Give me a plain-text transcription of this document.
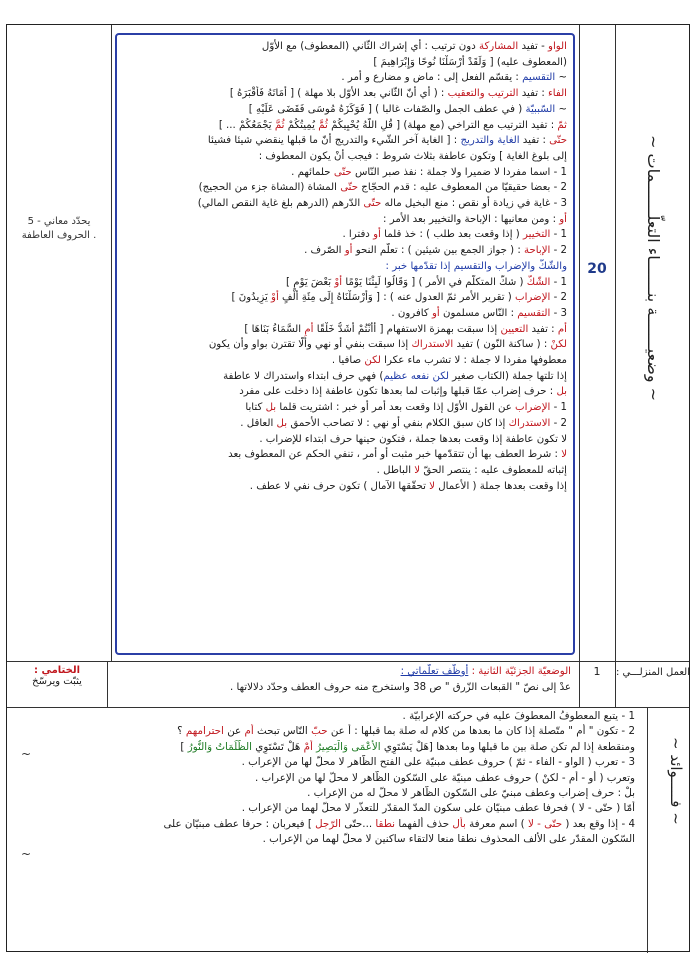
~ وضعيـــــــة بنـــــــاء التعلّـــــــمات ~
20
5 - يحدّد معاني الحروف العاطفة .
الواو - تفيد المشاركة دون ترتيب : أي إشراك الثّاني (المعطوف) مع الأوّل
(المعطوف عليه) [ وَلَقَدْ أَرْسَلْنَا نُوحًا وَإِبْرَاهِيمَ ]
~ التقسيم : يقسّم الفعل إلى : ماض و مضارع و أمر .
الفاء : تفيد الترتيب والتعقيب : ( أي أنّ الثّاني بعد الأوّل بلا مهلة ) [ أَمَاتَهُ فَأَقْبَرَهُ ]
~ السّببيّة ( في عطف الجمل والصّفات غالبا ) [ فَوَكَزَهُ مُوسَى فَقَضَى عَلَيْهِ ]
ثمّ : تفيد الترتيب مع التراخي (مع مهلة) [ قُلِ اللَّهُ يُحْيِيكُمْ ثُمَّ يُمِيتُكُمْ ثُمَّ يَجْمَعُكُمْ ... ]
حتّى : تفيد الغاية والتدريج : [ الغاية آخر الشّيء والتدريج أنّ ما قبلها ينقضي شيئا فشيئا
إلى بلوغ الغاية ] وتكون عاطفة بثلاث شروط : فيجب أنْ يكون المعطوف :
1 - اسما مفردا لا ضميرا ولا جملة : نفذ صبر النّاس حتّى حلمائهم .
2 - بعضا حقيقيّا من المعطوف عليه : قدم الحجّاج حتّى المشاة (المشاة جزء من الحجيج)
3 - غاية في زيادة أو نقص : منع البخيل ماله حتّى الدّرهم (الدرهم بلغ غاية النقص المالي)
أو : ومن معانيها : الإباحة والتخيير بعد الأمر :
1 - التخيير ( إذا وقعت بعد طلب ) : خذ قلما أو دفترا .
2 - الإباحة : ( جواز الجمع بين شيئين ) : تعلّم النحو أو الصّرف .
والشّكّ والإضراب والتقسيم إذا تقدّمها خبر :
1 - الشّكّ ( شكّ المتكلّم في الأمر ) [ وَقَالُوا لَبِثْنَا يَوْمًا أَوْ بَعْضَ يَوْمٍ ]
2 - الإضراب ( تقرير الأمر ثمّ العدول عنه ) : [ وَأَرْسَلْنَاهُ إِلَى مِئَةِ أَلْفٍ أَوْ يَزِيدُونَ ]
3 - التقسيم : النّاس مسلمون أو كافرون .
أم : تفيد التعيين إذا سبقت بهمزة الاستفهام [ أَأَنْتُمْ أَشَدُّ خَلْقًا أَمِ السَّمَاءُ بَنَاهَا ]
لكنْ : ( ساكنة النّون ) تفيد الاستدراك إذا سبقت بنفي أو نهي وألّا تقترن بواو وأن يكون
معطوفها مفردا لا جملة : لا تشرب ماء عكرا لكن صافيا .
إذا تلتها جملة (الكتاب صغير لكن نفعه عظيم) فهي حرف ابتداء واستدراك لا عاطفة
بل : حرف إضراب عمّا قبلها وإثبات لما بعدها تكون عاطفة إذا دخلت على مفرد
1 - الإضراب عن القول الأوّل إذا وقعت بعد أمر أو خبر : اشتريت قلما بل كتابا
2 - الاستدراك إذا كان سبق الكلام بنفي أو نهي : لا تصاحب الأحمق بل العاقل .
لا تكون عاطفة إذا وقعت بعدها جملة ، فتكون حينها حرف ابتداء للإضراب .
لا : شرط العطف بها أن تتقدّمها خبر مثبت أو أمر ، تنفي الحكم عن المعطوف بعد
إثباته للمعطوف عليه : ينتصر الحقّ لا الباطل .
إذا وقعت بعدها جملة ( الأعمال لا تحقّقها الآمال ) تكون حرف نفي لا عطف .
العمل المنزلـــي :
1
الوضعيّة الجزئيّة الثانية : أوظّف تعلّماتي :
عدْ إلى نصّ " القبعات الزّرق " ص 38 واستخرج منه حروف العطف وحدّد دلالاتها .
الختامي :
يثبّت ويرسّخ
~ فـــــوائد ~
1 - يتبع المعطوفُ المعطوفَ عليه في حركته الإعرابيّة .
2 - تكون " أم " متّصلة إذا كان ما بعدها من كلام له صلة بما قبلها : أ عن حبّ النّاس تبحث أم عن احترامهم ؟
ومنقطعة إذا لم تكن صلة بين ما قبلها وما بعدها [هَلْ يَسْتَوِي الأَعْمَى وَالْبَصِيرُ أَمْ هَلْ تَسْتَوِي الظُّلُمَاتُ وَالنُّورُ ]
3 - تعرب ( الواو - الفاء - ثمّ ) حروف عطف مبنيّة على الفتح الظّاهر لا محلّ لها من الإعراب .
وتعرب ( أو - أم - لكنْ ) حروف عطف مبنيّة على السّكون الظّاهر لا محلّ لها من الإعراب .
بلْ : حرف إضراب وعطف مبنيّ على السّكون الظّاهر لا محلّ له من الإعراب .
أمّا ( حتّى - لا ) فحرفا عطف مبنيّان على سكون المدّ المقدّر للتعذّر لا محلّ لهما من الإعراب .
4 - إذا وقع بعد ( حتّى - لا ) اسم معرفة بأل حذف ألفهما نطقا ...حتّى الرّجل ] فيعربان : حرفا عطف مبنيّان على
السّكون المقدّر على الألف المحذوف نطقا منعا لالتقاء ساكنين لا محلّ لهما من الإعراب .
~
~
